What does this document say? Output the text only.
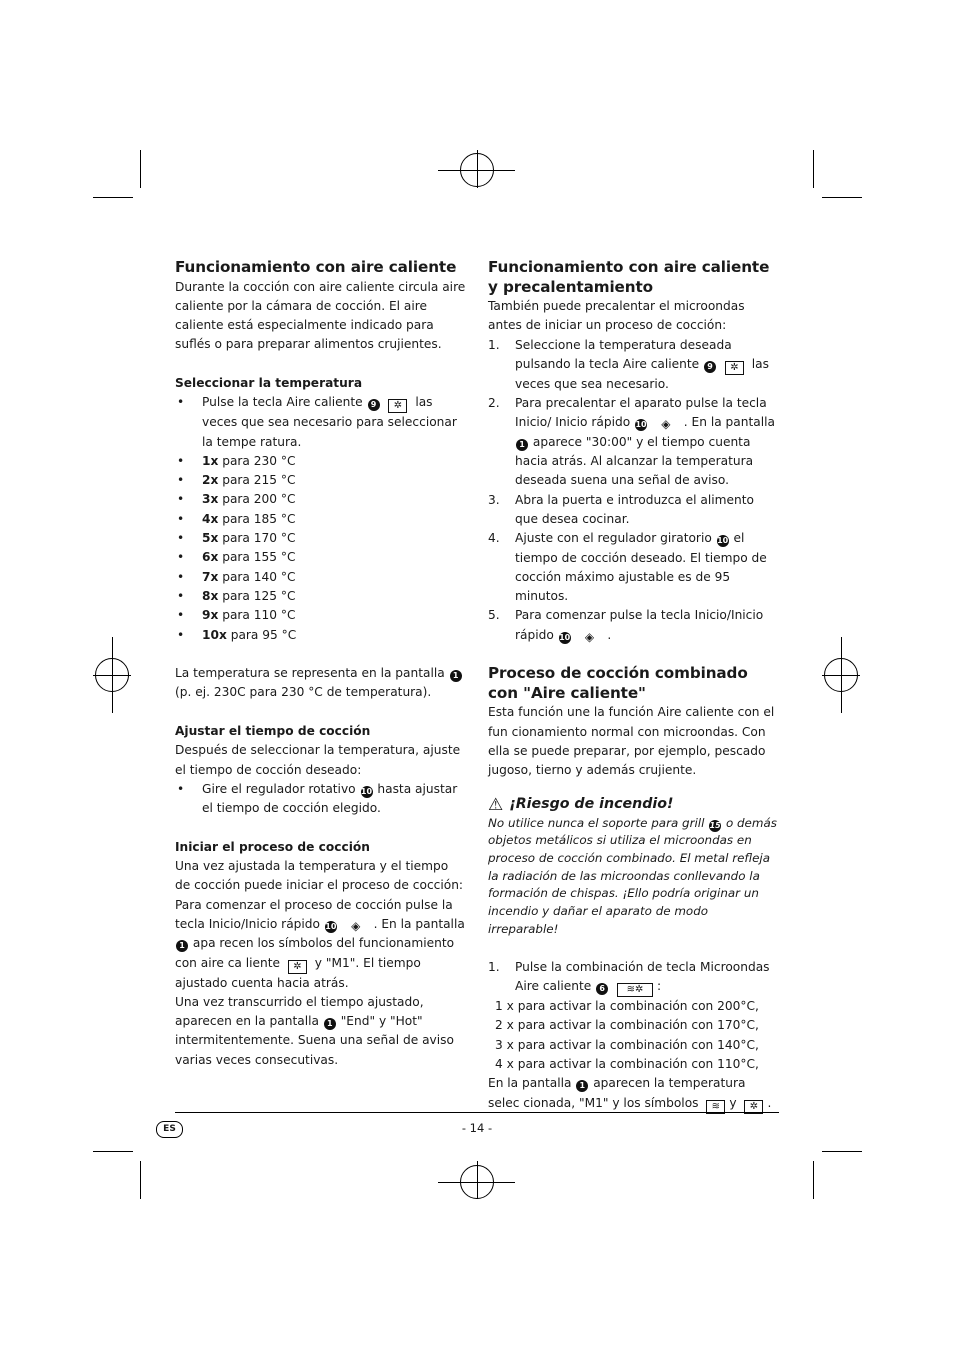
Funcionamiento con aire caliente

Durante la cocción con aire caliente circula aire caliente por la cámara de cocción. El aire caliente está especialmente indicado para suflés o para preparar alimentos crujientes.

Seleccionar la temperatura
• Pulse la tecla Aire caliente 9 ✲ las veces que sea necesario para seleccionar la tempe ratura.
• 1x para 230 °C
• 2x para 215 °C
• 3x para 200 °C
• 4x para 185 °C
• 5x para 170 °C
• 6x para 155 °C
• 7x para 140 °C
• 8x para 125 °C
• 9x para 110 °C
• 10x para 95 °C

La temperatura se representa en la pantalla 1 (p. ej. 230C para 230 °C de temperatura).

Ajustar el tiempo de cocción

Después de seleccionar la temperatura, ajuste el tiempo de cocción deseado:

• Gire el regulador rotativo 10 hasta ajustar el tiempo de cocción elegido.
Iniciar el proceso de cocción

Una vez ajustada la temperatura y el tiempo de cocción puede iniciar el proceso de cocción:

Para comenzar el proceso de cocción pulse la tecla Inicio/Inicio rápido 10 ◈ . En la pantalla 1 apa recen los símbolos del funcionamiento con aire ca liente ✲ y "M1". El tiempo ajustado cuenta hacia atrás.

Una vez transcurrido el tiempo ajustado, aparecen en la pantalla 1 "End" y "Hot" intermitentemente. Suena una señal de aviso varias veces consecutivas.

Funcionamiento con aire caliente y precalentamiento

También puede precalentar el microondas antes de iniciar un proceso de cocción:

1. Seleccione la temperatura deseada pulsando la tecla Aire caliente 9 ✲ las veces que sea necesario.
2. Para precalentar el aparato pulse la tecla Inicio/ Inicio rápido 10 ◈ . En la pantalla 1 aparece "30:00" y el tiempo cuenta hacia atrás. Al alcanzar la temperatura deseada suena una señal de aviso.
3. Abra la puerta e introduzca el alimento que desea cocinar.
4. Ajuste con el regulador giratorio 10 el tiempo de cocción deseado. El tiempo de cocción máximo ajustable es de 95 minutos.
5. Para comenzar pulse la tecla Inicio/Inicio rápido 10 ◈ .
Proceso de cocción combinado con "Aire caliente"

Esta función une la función Aire caliente con el fun cionamiento normal con microondas. Con ella se puede preparar, por ejemplo, pescado jugoso, tierno y además crujiente.

⚠ ¡Riesgo de incendio!

No utilice nunca el soporte para grill 15 o demás objetos metálicos si utiliza el microondas en proceso de cocción combinado. El metal refleja la radiación de las microondas conllevando la formación de chispas. ¡Ello podría originar un incendio y dañar el aparato de modo irreparable!

1. Pulse la combinación de tecla Microondas Aire caliente 6 ≋✲ :

1 x para activar la combinación con 200°C,

2 x para activar la combinación con 170°C,

3 x para activar la combinación con 140°C,

4 x para activar la combinación con 110°C,

En la pantalla 1 aparecen la temperatura selec cionada, "M1" y los símbolos ≋ y ✲ .

ES	- 14 -
